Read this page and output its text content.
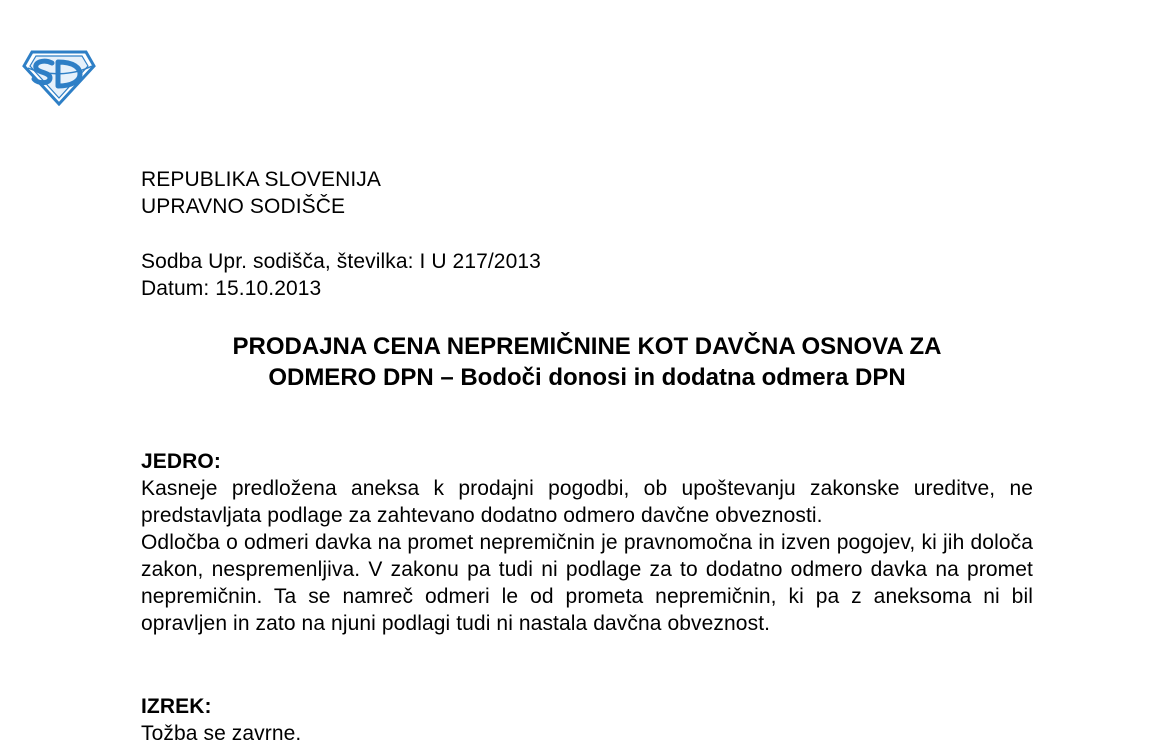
REPUBLIKA SLOVENIJA
UPRAVNO SODIŠČE
Sodba Upr. sodišča, številka: I U 217/2013
Datum: 15.10.2013
PRODAJNA CENA NEPREMIČNINE KOT DAVČNA OSNOVA ZA
ODMERO DPN – Bodoči donosi in dodatna odmera DPN
JEDRO:
Kasneje predložena aneksa k prodajni pogodbi, ob upoštevanju zakonske ureditve, ne predstavljata podlage za zahtevano dodatno odmero davčne obveznosti.
Odločba o odmeri davka na promet nepremičnin je pravnomočna in izven pogojev, ki jih določa zakon, nespremenljiva. V zakonu pa tudi ni podlage za to dodatno odmero davka na promet nepremičnin. Ta se namreč odmeri le od prometa nepremičnin, ki pa z aneksoma ni bil opravljen in zato na njuni podlagi tudi ni nastala davčna obveznost.
IZREK:
Tožba se zavrne.
